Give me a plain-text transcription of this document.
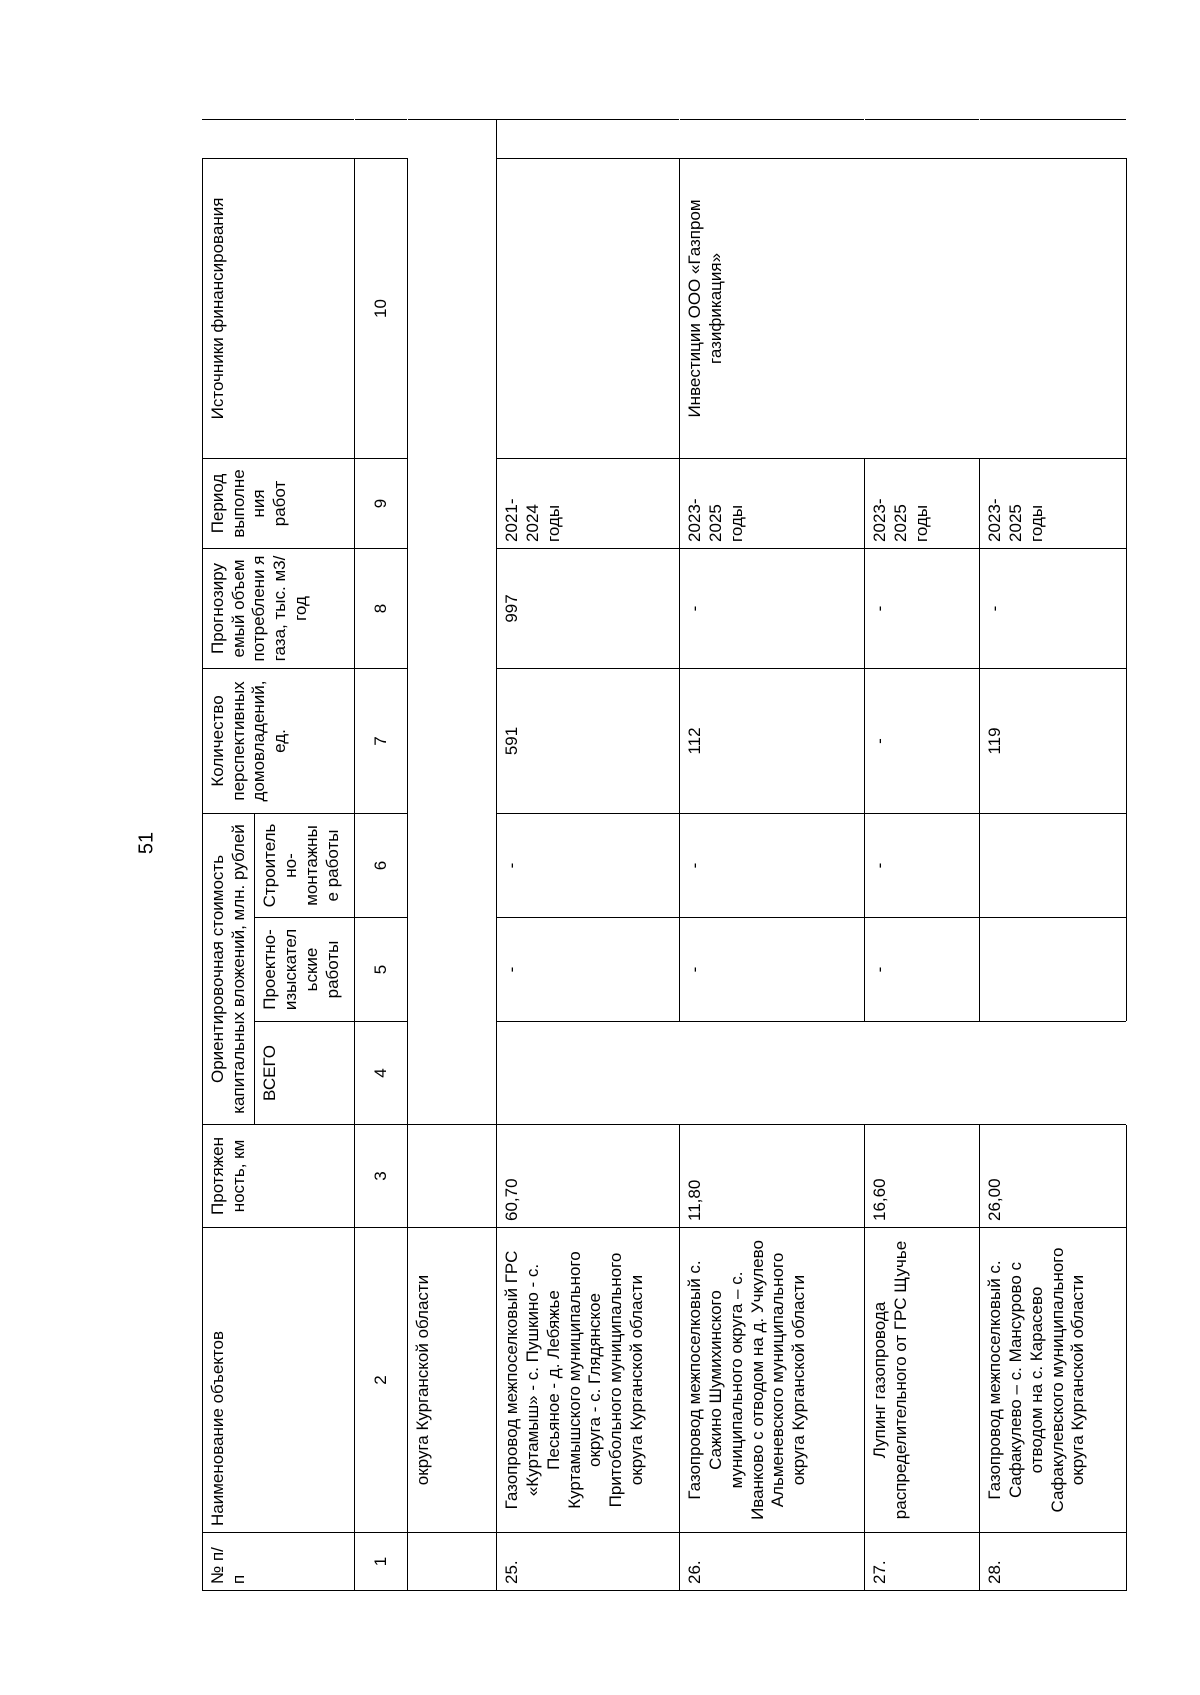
51
№ п/п	Наименование объектов	Протяжен ность, км	Ориентировочная стоимость капитальных вложений, млн. рублей			Количество перспективных домовладений, ед.	Прогнозиру емый объем потреблени я газа, тыс. м3/год	Период выполне ния работ	Источники финансирования	
			ВСЕГО	Проектно-изыскател ьские работы	Строитель но-монтажны е работы					
1	2	3	4	5	6	7	8	9	10	
	округа Курганской области									
25.	Газопровод межпоселковый ГРС «Куртамыш» - с. Пушкино - с. Песьяное - д. Лебяжье Куртамышского муниципального округа - с. Глядянское Притобольного муниципального округа Курганской области	60,70		-	-	591	997	2021-2024 годы		
26.	Газопровод межпоселковый с. Сажино Шумихинского муниципального округа – с. Иванково с отводом на д. Учкулево Альменевского муниципального округа Курганской области	11,80		-	-	112	-	2023-2025 годы	Инвестиции ООО «Газпром газификация»	
27.	Лупинг газопровода распределительного от ГРС Щучье	16,60		-	-	-	-	2023-2025 годы		
28.	Газопровод межпоселковый с. Сафакулево – с. Мансурово с отводом на с. Карасево Сафакулевского муниципального округа Курганской области	26,00				119	-	2023-2025 годы		
